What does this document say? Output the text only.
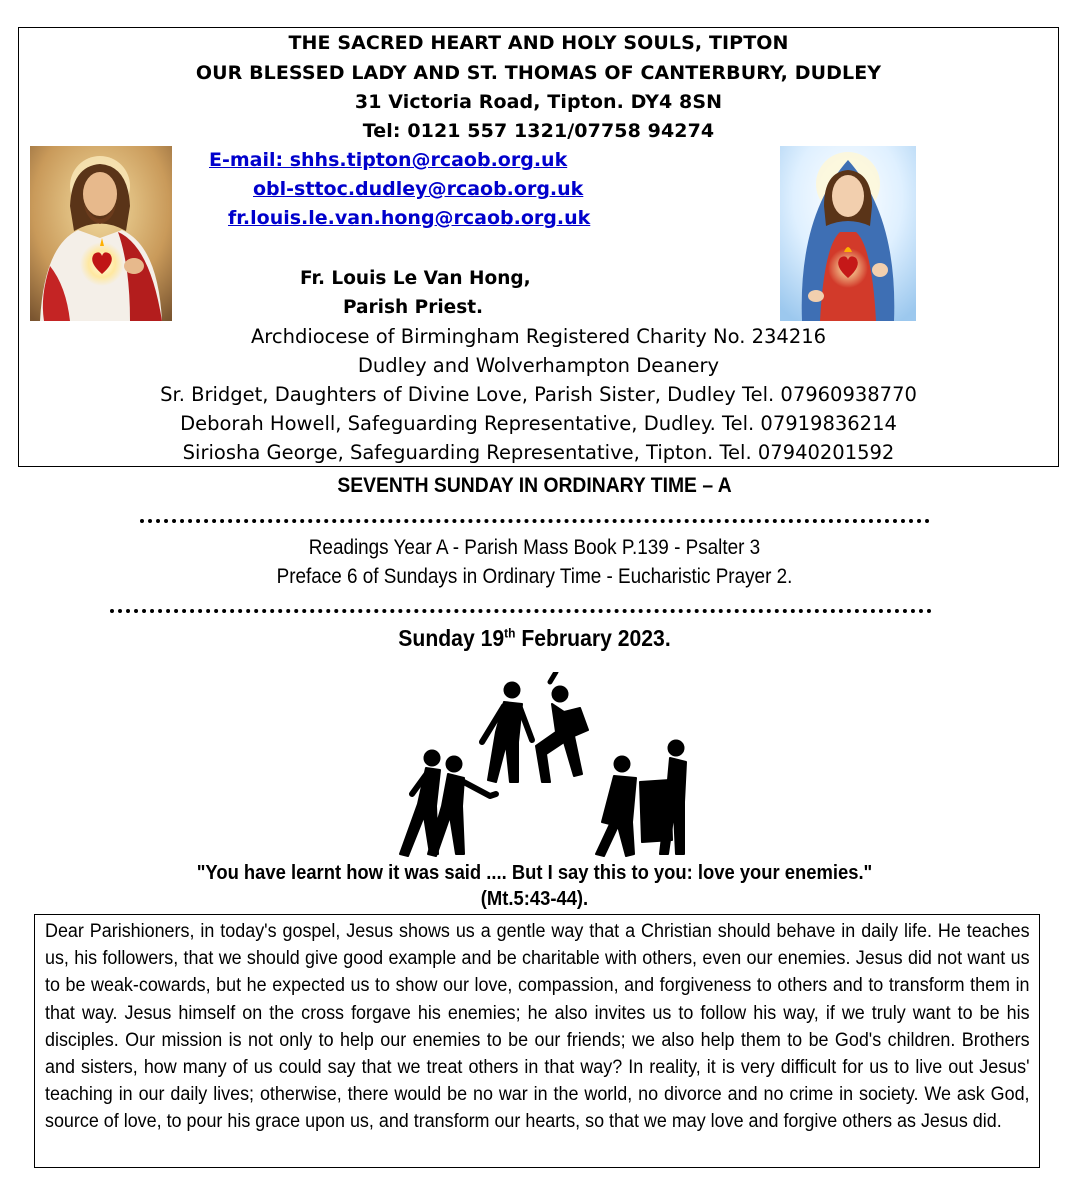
THE SACRED HEART AND HOLY SOULS, TIPTON

OUR BLESSED LADY AND ST. THOMAS OF CANTERBURY, DUDLEY

31 Victoria Road, Tipton. DY4 8SN

Tel: 0121 557 1321/07758 94274

E-mail: shhs.tipton@rcaob.org.uk
obl-sttoc.dudley@rcaob.org.uk
fr.louis.le.van.hong@rcaob.org.uk
Fr. Louis Le Van Hong,
Parish Priest.

Archdiocese of Birmingham Registered Charity No. 234216

Dudley and Wolverhampton Deanery

Sr. Bridget, Daughters of Divine Love, Parish Sister, Dudley Tel. 07960938770

Deborah Howell, Safeguarding Representative, Dudley. Tel. 07919836214

Siriosha George, Safeguarding Representative, Tipton. Tel. 07940201592

SEVENTH SUNDAY IN ORDINARY TIME – A

Readings Year A - Parish Mass Book P.139 - Psalter 3

Preface 6 of Sundays in Ordinary Time - Eucharistic Prayer 2.

Sunday 19th February 2023.

"You have learnt how it was said .... But I say this to you: love your enemies."

(Mt.5:43-44).

Dear Parishioners, in today's gospel, Jesus shows us a gentle way that a Christian should behave in daily life. He teaches us, his followers, that we should give good example and be charitable with others, even our enemies. Jesus did not want us to be weak-cowards, but he expected us to show our love, compassion, and forgiveness to others and to transform them in that way. Jesus himself on the cross forgave his enemies; he also invites us to follow his way, if we truly want to be his disciples. Our mission is not only to help our enemies to be our friends; we also help them to be God's children. Brothers and sisters, how many of us could say that we treat others in that way? In reality, it is very difficult for us to live out Jesus' teaching in our daily lives; otherwise, there would be no war in the world, no divorce and no crime in society. We ask God, source of love, to pour his grace upon us, and transform our hearts, so that we may love and forgive others as Jesus did.
